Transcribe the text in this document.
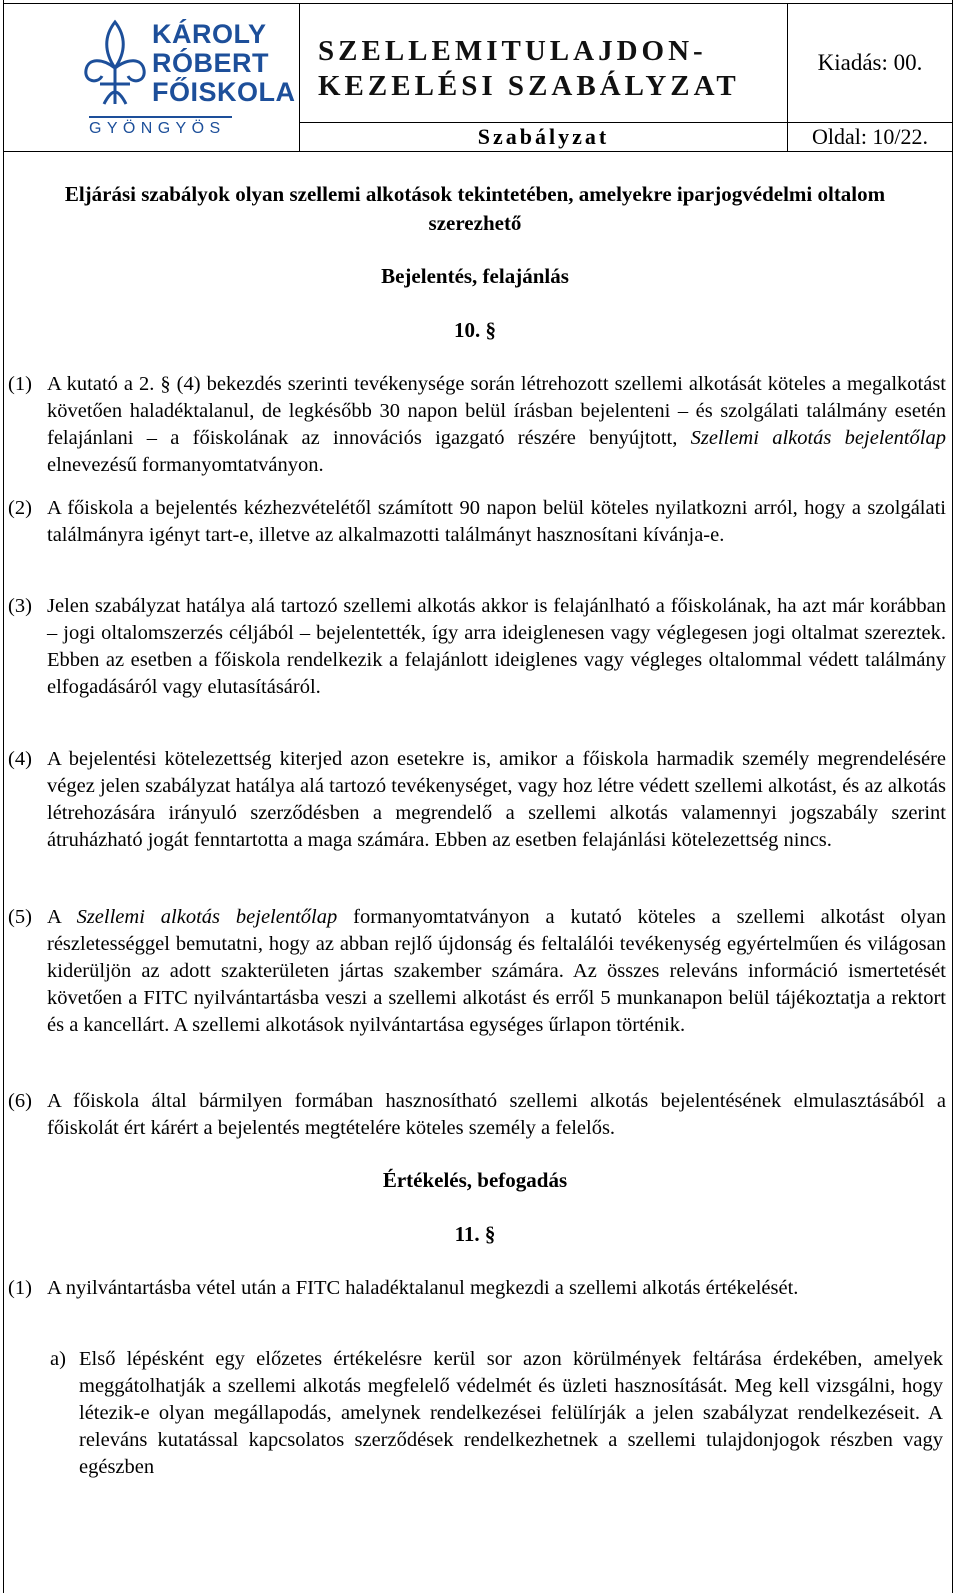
KÁROLY
RÓBERT
FŐISKOLA
GYÖNGYÖS
SZELLEMITULAJDON-
KEZELÉSI SZABÁLYZAT
Kiadás: 00.
Szabályzat	Oldal: 10/22.
Eljárási szabályok olyan szellemi alkotások tekintetében, amelyekre iparjogvédelmi oltalom szerezhető
Bejelentés, felajánlás
10. §
(1) A kutató a 2. § (4) bekezdés szerinti tevékenysége során létrehozott szellemi alkotását köteles a megalkotást követően haladéktalanul, de legkésőbb 30 napon belül írásban bejelenteni – és szolgálati találmány esetén felajánlani – a főiskolának az innovációs igazgató részére benyújtott, Szellemi alkotás bejelentőlap elnevezésű formanyomtatványon.
(2) A főiskola a bejelentés kézhezvételétől számított 90 napon belül köteles nyilatkozni arról, hogy a szolgálati találmányra igényt tart-e, illetve az alkalmazotti találmányt hasznosítani kívánja-e.
(3) Jelen szabályzat hatálya alá tartozó szellemi alkotás akkor is felajánlható a főiskolának, ha azt már korábban – jogi oltalomszerzés céljából – bejelentették, így arra ideiglenesen vagy véglegesen jogi oltalmat szereztek. Ebben az esetben a főiskola rendelkezik a felajánlott ideiglenes vagy végleges oltalommal védett találmány elfogadásáról vagy elutasításáról.
(4) A bejelentési kötelezettség kiterjed azon esetekre is, amikor a főiskola harmadik személy megrendelésére végez jelen szabályzat hatálya alá tartozó tevékenységet, vagy hoz létre védett szellemi alkotást, és az alkotás létrehozására irányuló szerződésben a megrendelő a szellemi alkotás valamennyi jogszabály szerint átruházható jogát fenntartotta a maga számára. Ebben az esetben felajánlási kötelezettség nincs.
(5) A Szellemi alkotás bejelentőlap formanyomtatványon a kutató köteles a szellemi alkotást olyan részletességgel bemutatni, hogy az abban rejlő újdonság és feltalálói tevékenység egyértelműen és világosan kiderüljön az adott szakterületen jártas szakember számára. Az összes releváns információ ismertetését követően a FITC nyilvántartásba veszi a szellemi alkotást és erről 5 munkanapon belül tájékoztatja a rektort és a kancellárt. A szellemi alkotások nyilvántartása egységes űrlapon történik.
(6) A főiskola által bármilyen formában hasznosítható szellemi alkotás bejelentésének elmulasztásából a főiskolát ért kárért a bejelentés megtételére köteles személy a felelős.
Értékelés, befogadás
11. §
(1) A nyilvántartásba vétel után a FITC haladéktalanul megkezdi a szellemi alkotás értékelését.
a) Első lépésként egy előzetes értékelésre kerül sor azon körülmények feltárása érdekében, amelyek meggátolhatják a szellemi alkotás megfelelő védelmét és üzleti hasznosítását. Meg kell vizsgálni, hogy létezik-e olyan megállapodás, amelynek rendelkezései felülírják a jelen szabályzat rendelkezéseit. A releváns kutatással kapcsolatos szerződések rendelkezhetnek a szellemi tulajdonjogok részben vagy egészben
